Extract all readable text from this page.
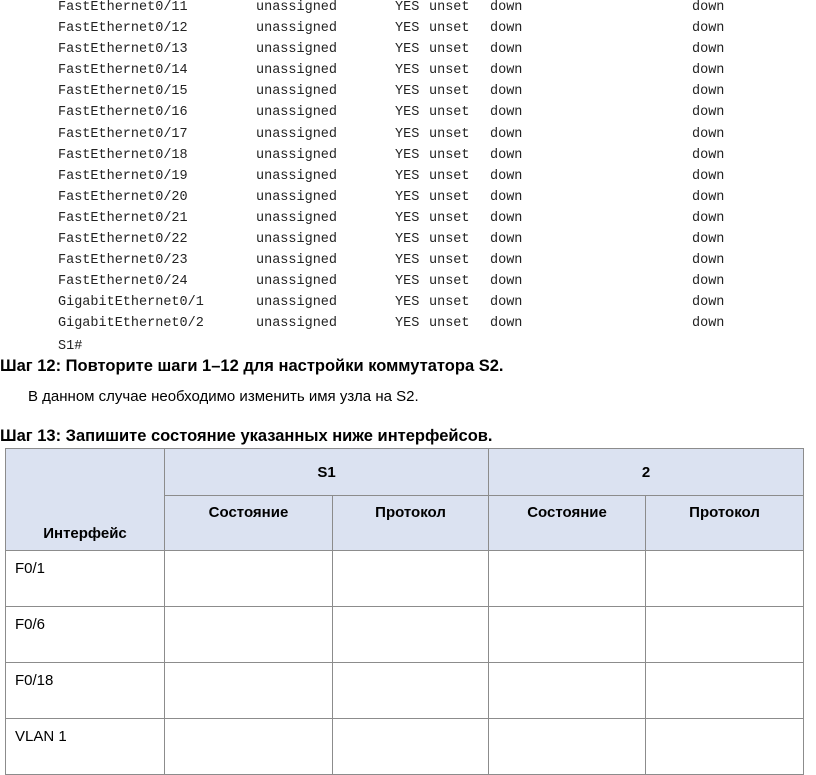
FastEthernet0/11	unassigned	YES unset down	down
FastEthernet0/12	unassigned	YES unset down	down
FastEthernet0/13	unassigned	YES unset down	down
FastEthernet0/14	unassigned	YES unset down	down
FastEthernet0/15	unassigned	YES unset down	down
FastEthernet0/16	unassigned	YES unset down	down
FastEthernet0/17	unassigned	YES unset down	down
FastEthernet0/18	unassigned	YES unset down	down
FastEthernet0/19	unassigned	YES unset down	down
FastEthernet0/20	unassigned	YES unset down	down
FastEthernet0/21	unassigned	YES unset down	down
FastEthernet0/22	unassigned	YES unset down	down
FastEthernet0/23	unassigned	YES unset down	down
FastEthernet0/24	unassigned	YES unset down	down
GigabitEthernet0/1	unassigned	YES unset down	down
GigabitEthernet0/2	unassigned	YES unset down	down
S1#
Шаг 12: Повторите шаги 1–12 для настройки коммутатора S2.
В данном случае необходимо изменить имя узла на S2.
Шаг 13: Запишите состояние указанных ниже интерфейсов.
Интерфейс	S1		2	
	Состояние	Протокол	Состояние	Протокол
F0/1				
F0/6				
F0/18				
VLAN 1				
